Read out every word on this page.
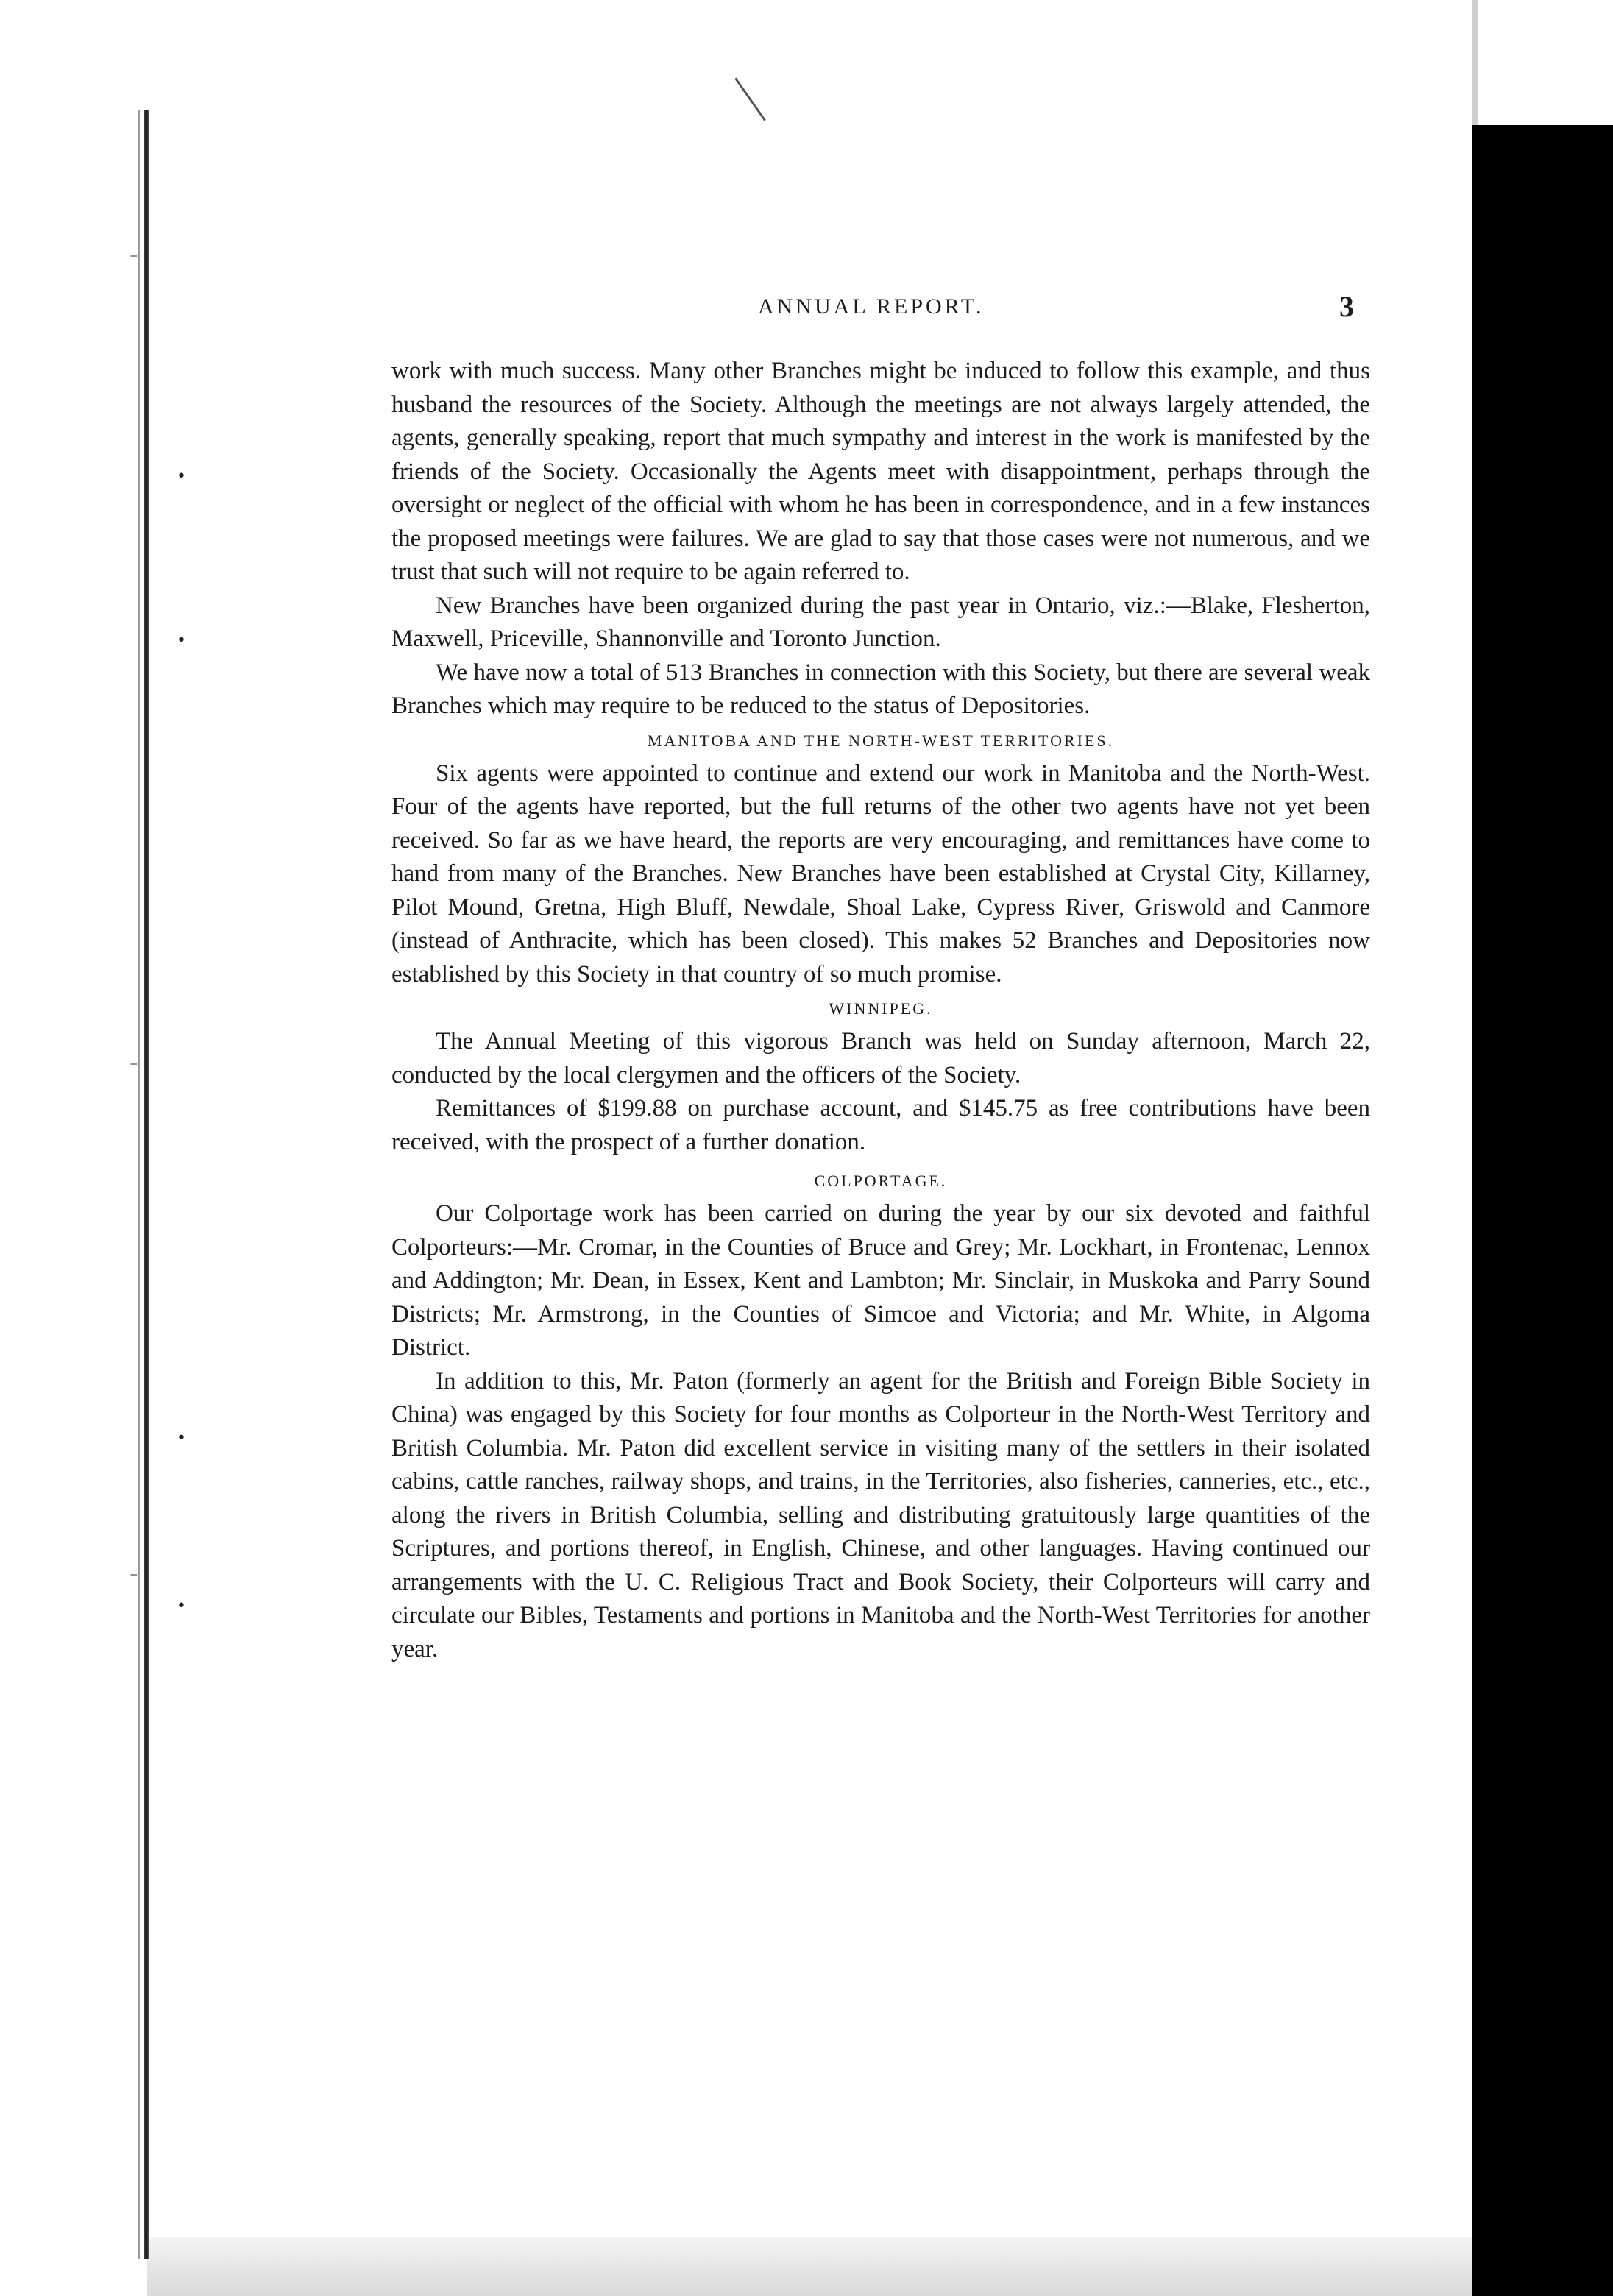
•
•
•
•
⁻
⁻
⁻
ANNUAL REPORT.	3

work with much success. Many other Branches might be induced to follow this example, and thus husband the resources of the Society. Although the meetings are not always largely attended, the agents, generally speaking, report that much sympathy and interest in the work is manifested by the friends of the Society. Occasionally the Agents meet with disappointment, perhaps through the oversight or neglect of the official with whom he has been in correspondence, and in a few instances the proposed meetings were failures. We are glad to say that those cases were not numerous, and we trust that such will not require to be again referred to.

New Branches have been organized during the past year in Ontario, viz.:—Blake, Flesherton, Maxwell, Priceville, Shannonville and Toronto Junction.

We have now a total of 513 Branches in connection with this Society, but there are several weak Branches which may require to be reduced to the status of Depositories.

MANITOBA AND THE NORTH-WEST TERRITORIES.

Six agents were appointed to continue and extend our work in Manitoba and the North-West. Four of the agents have reported, but the full returns of the other two agents have not yet been received. So far as we have heard, the reports are very encouraging, and remittances have come to hand from many of the Branches. New Branches have been established at Crystal City, Killarney, Pilot Mound, Gretna, High Bluff, Newdale, Shoal Lake, Cypress River, Griswold and Canmore (instead of Anthracite, which has been closed). This makes 52 Branches and Depositories now established by this Society in that country of so much promise.

WINNIPEG.

The Annual Meeting of this vigorous Branch was held on Sunday afternoon, March 22, conducted by the local clergymen and the officers of the Society.

Remittances of $199.88 on purchase account, and $145.75 as free contributions have been received, with the prospect of a further donation.

COLPORTAGE.

Our Colportage work has been carried on during the year by our six devoted and faithful Colporteurs:—Mr. Cromar, in the Counties of Bruce and Grey; Mr. Lockhart, in Frontenac, Lennox and Addington; Mr. Dean, in Essex, Kent and Lambton; Mr. Sinclair, in Muskoka and Parry Sound Districts; Mr. Armstrong, in the Counties of Simcoe and Victoria; and Mr. White, in Algoma District.

In addition to this, Mr. Paton (formerly an agent for the British and Foreign Bible Society in China) was engaged by this Society for four months as Colporteur in the North-West Territory and British Columbia. Mr. Paton did excellent service in visiting many of the settlers in their isolated cabins, cattle ranches, railway shops, and trains, in the Territories, also fisheries, canneries, etc., etc., along the rivers in British Columbia, selling and distributing gratuitously large quantities of the Scriptures, and portions thereof, in English, Chinese, and other languages. Having continued our arrangements with the U. C. Religious Tract and Book Society, their Colporteurs will carry and circulate our Bibles, Testaments and portions in Manitoba and the North-West Territories for another year.
